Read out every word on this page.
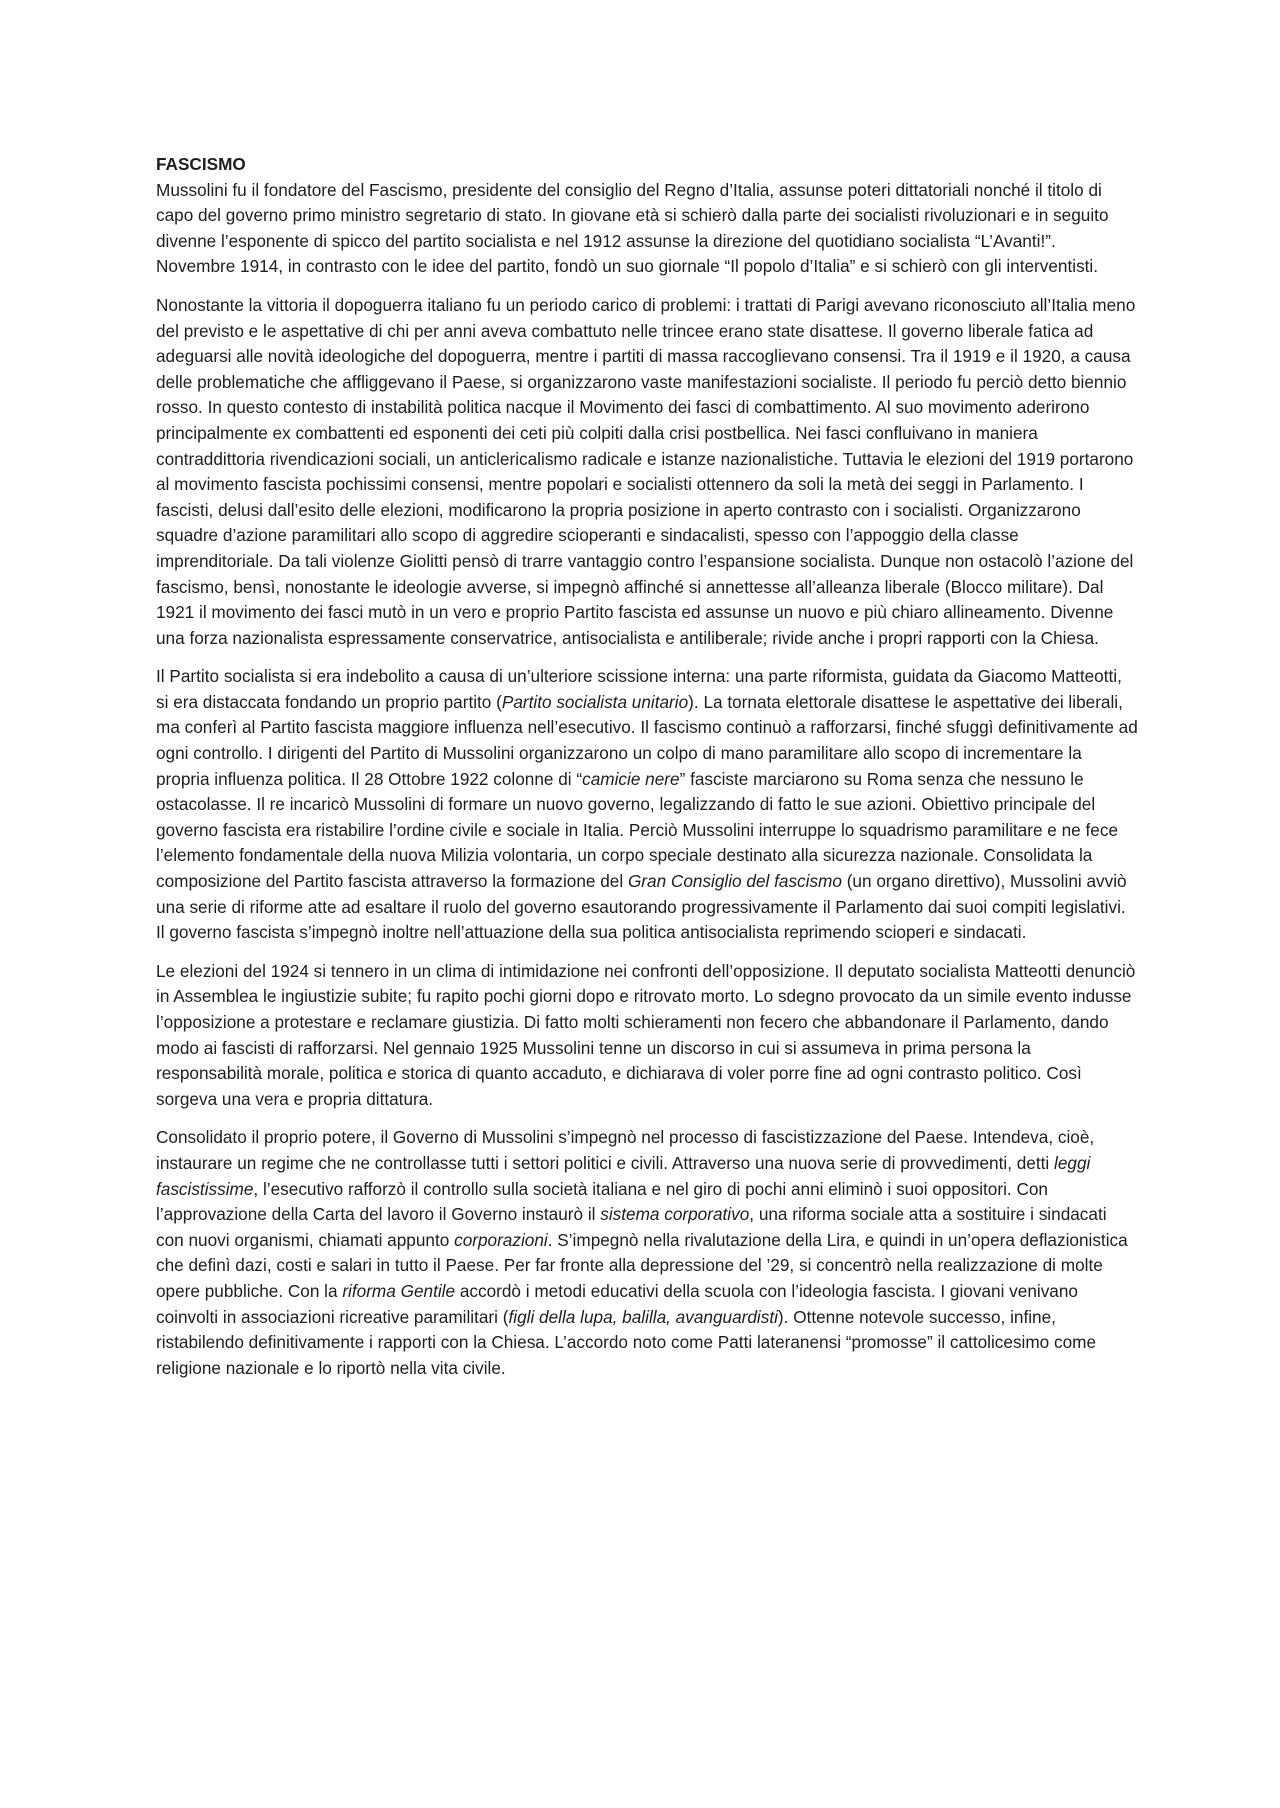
FASCISMO

Mussolini fu il fondatore del Fascismo, presidente del consiglio del Regno d’Italia, assunse poteri dittatoriali nonché il titolo di capo del governo primo ministro segretario di stato. In giovane età si schierò dalla parte dei socialisti rivoluzionari e in seguito divenne l’esponente di spicco del partito socialista e nel 1912 assunse la direzione del quotidiano socialista “L’Avanti!”. Novembre 1914, in contrasto con le idee del partito, fondò un suo giornale “Il popolo d’Italia” e si schierò con gli interventisti.

Nonostante la vittoria il dopoguerra italiano fu un periodo carico di problemi: i trattati di Parigi avevano riconosciuto all’Italia meno del previsto e le aspettative di chi per anni aveva combattuto nelle trincee erano state disattese. Il governo liberale fatica ad adeguarsi alle novità ideologiche del dopoguerra, mentre i partiti di massa raccoglievano consensi. Tra il 1919 e il 1920, a causa delle problematiche che affliggevano il Paese, si organizzarono vaste manifestazioni socialiste. Il periodo fu perciò detto biennio rosso. In questo contesto di instabilità politica nacque il Movimento dei fasci di combattimento. Al suo movimento aderirono principalmente ex combattenti ed esponenti dei ceti più colpiti dalla crisi postbellica. Nei fasci confluivano in maniera contraddittoria rivendicazioni sociali, un anticlericalismo radicale e istanze nazionalistiche. Tuttavia le elezioni del 1919 portarono al movimento fascista pochissimi consensi, mentre popolari e socialisti ottennero da soli la metà dei seggi in Parlamento. I fascisti, delusi dall’esito delle elezioni, modificarono la propria posizione in aperto contrasto con i socialisti. Organizzarono squadre d’azione paramilitari allo scopo di aggredire scioperanti e sindacalisti, spesso con l’appoggio della classe imprenditoriale. Da tali violenze Giolitti pensò di trarre vantaggio contro l’espansione socialista. Dunque non ostacolò l’azione del fascismo, bensì, nonostante le ideologie avverse, si impegnò affinché si annettesse all’alleanza liberale (Blocco militare). Dal 1921 il movimento dei fasci mutò in un vero e proprio Partito fascista ed assunse un nuovo e più chiaro allineamento. Divenne una forza nazionalista espressamente conservatrice, antisocialista e antiliberale; rivide anche i propri rapporti con la Chiesa.

Il Partito socialista si era indebolito a causa di un’ulteriore scissione interna: una parte riformista, guidata da Giacomo Matteotti, si era distaccata fondando un proprio partito (Partito socialista unitario). La tornata elettorale disattese le aspettative dei liberali, ma conferì al Partito fascista maggiore influenza nell’esecutivo. Il fascismo continuò a rafforzarsi, finché sfuggì definitivamente ad ogni controllo. I dirigenti del Partito di Mussolini organizzarono un colpo di mano paramilitare allo scopo di incrementare la propria influenza politica. Il 28 Ottobre 1922 colonne di “camicie nere” fasciste marciarono su Roma senza che nessuno le ostacolasse. Il re incaricò Mussolini di formare un nuovo governo, legalizzando di fatto le sue azioni. Obiettivo principale del governo fascista era ristabilire l’ordine civile e sociale in Italia. Perciò Mussolini interruppe lo squadrismo paramilitare e ne fece l’elemento fondamentale della nuova Milizia volontaria, un corpo speciale destinato alla sicurezza nazionale. Consolidata la composizione del Partito fascista attraverso la formazione del Gran Consiglio del fascismo (un organo direttivo), Mussolini avviò una serie di riforme atte ad esaltare il ruolo del governo esautorando progressivamente il Parlamento dai suoi compiti legislativi. Il governo fascista s’impegnò inoltre nell’attuazione della sua politica antisocialista reprimendo scioperi e sindacati.

Le elezioni del 1924 si tennero in un clima di intimidazione nei confronti dell’opposizione. Il deputato socialista Matteotti denunciò in Assemblea le ingiustizie subite; fu rapito pochi giorni dopo e ritrovato morto. Lo sdegno provocato da un simile evento indusse l’opposizione a protestare e reclamare giustizia. Di fatto molti schieramenti non fecero che abbandonare il Parlamento, dando modo ai fascisti di rafforzarsi. Nel gennaio 1925 Mussolini tenne un discorso in cui si assumeva in prima persona la responsabilità morale, politica e storica di quanto accaduto, e dichiarava di voler porre fine ad ogni contrasto politico. Così sorgeva una vera e propria dittatura.

Consolidato il proprio potere, il Governo di Mussolini s’impegnò nel processo di fascistizzazione del Paese. Intendeva, cioè, instaurare un regime che ne controllasse tutti i settori politici e civili. Attraverso una nuova serie di provvedimenti, detti leggi fascistissime, l’esecutivo rafforzò il controllo sulla società italiana e nel giro di pochi anni eliminò i suoi oppositori. Con l’approvazione della Carta del lavoro il Governo instaurò il sistema corporativo, una riforma sociale atta a sostituire i sindacati con nuovi organismi, chiamati appunto corporazioni. S’impegnò nella rivalutazione della Lira, e quindi in un’opera deflazionistica che definì dazi, costi e salari in tutto il Paese. Per far fronte alla depressione del ’29, si concentrò nella realizzazione di molte opere pubbliche. Con la riforma Gentile accordò i metodi educativi della scuola con l’ideologia fascista. I giovani venivano coinvolti in associazioni ricreative paramilitari (figli della lupa, balilla, avanguardisti). Ottenne notevole successo, infine, ristabilendo definitivamente i rapporti con la Chiesa. L’accordo noto come Patti lateranensi “promosse” il cattolicesimo come religione nazionale e lo riportò nella vita civile.
